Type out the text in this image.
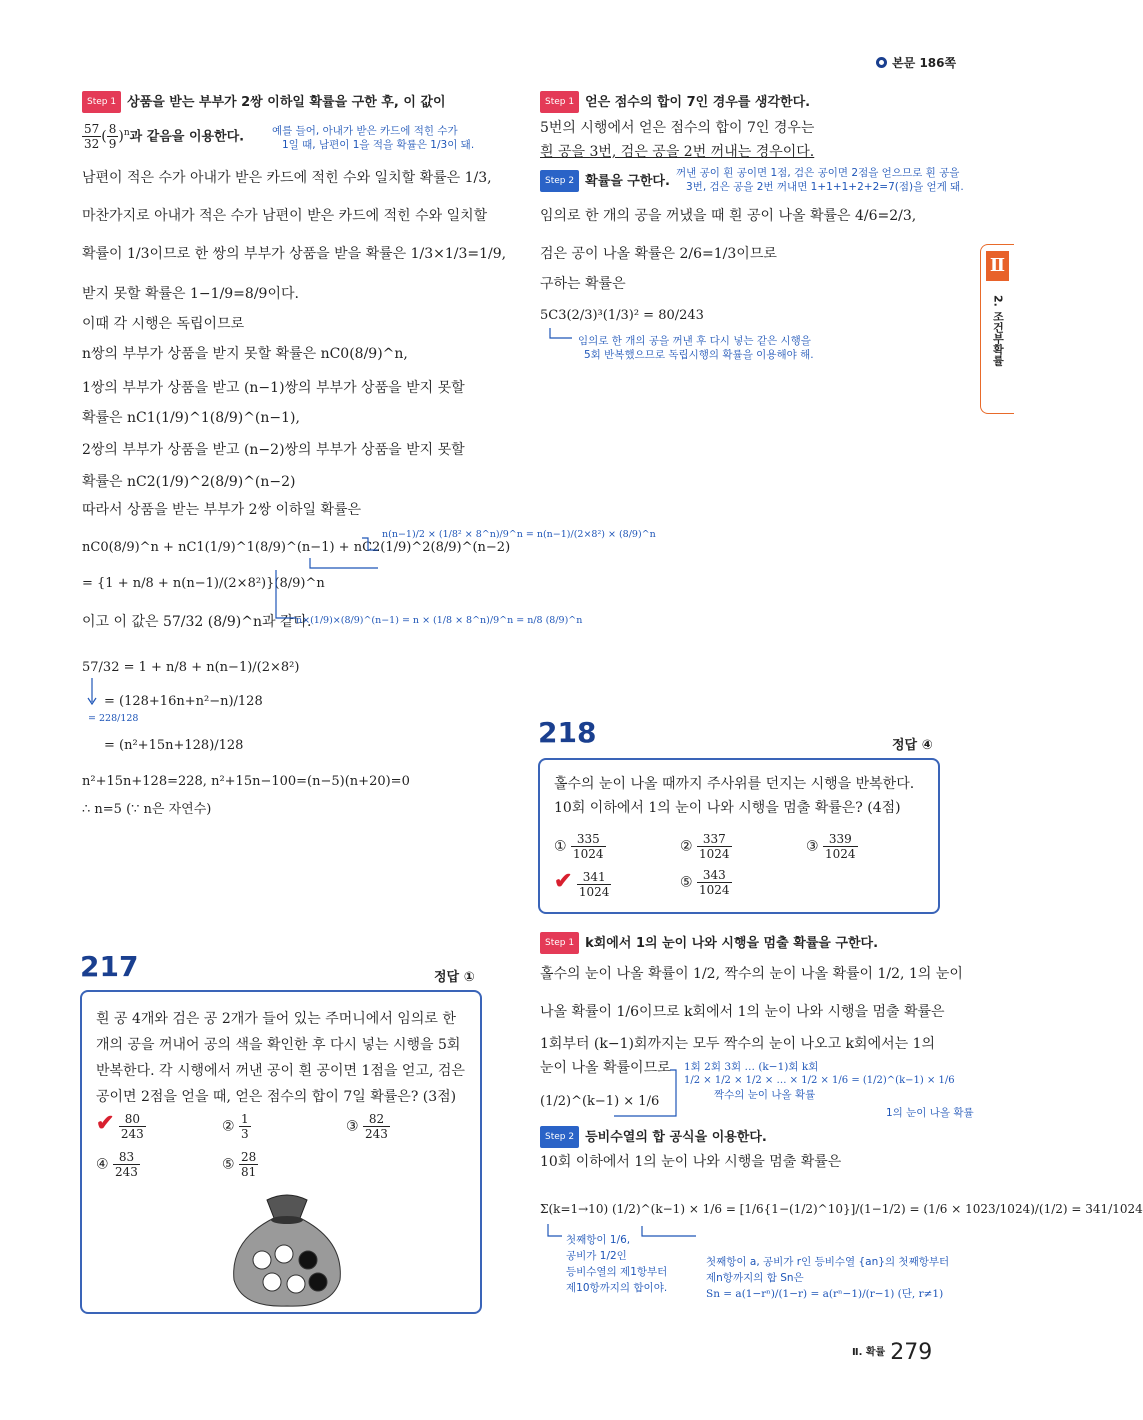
본문 186쪽
Ⅱ
2. 조건부확률
Step 1 상품을 받는 부부가 2쌍 이하일 확률을 구한 후, 이 값이
$\frac{57}{32}$ ( $\frac{8}{9} )^n$과 같음을 이용한다.	예를 들어, 아내가 받은 카드에 적힌 수가
1일 때, 남편이 1을 적을 확률은 1/3이 돼.
남편이 적은 수가 아내가 받은 카드에 적힌 수와 일치할 확률은 1/3,
마찬가지로 아내가 적은 수가 남편이 받은 카드에 적힌 수와 일치할
확률이 1/3이므로 한 쌍의 부부가 상품을 받을 확률은 1/3×1/3=1/9,
받지 못할 확률은 1−1/9=8/9이다.
이때 각 시행은 독립이므로
n쌍의 부부가 상품을 받지 못할 확률은 nC0(8/9)^n,
1쌍의 부부가 상품을 받고 (n−1)쌍의 부부가 상품을 받지 못할
확률은 nC1(1/9)^1(8/9)^(n−1),
2쌍의 부부가 상품을 받고 (n−2)쌍의 부부가 상품을 받지 못할
확률은 nC2(1/9)^2(8/9)^(n−2)
따라서 상품을 받는 부부가 2쌍 이하일 확률은
nC0(8/9)^n + nC1(1/9)^1(8/9)^(n−1) + nC2(1/9)^2(8/9)^(n−2)
= {1 + n/8 + n(n−1)/(2×8²)}(8/9)^n
이고 이 값은 57/32 (8/9)^n과 같다.
n(n−1)/2 × (1/8² × 8^n)/9^n = n(n−1)/(2×8²) × (8/9)^n
n×(1/9)×(8/9)^(n−1) = n × (1/8 × 8^n)/9^n = n/8 (8/9)^n
57/32 = 1 + n/8 + n(n−1)/(2×8²)
= (128+16n+n²−n)/128
= (n²+15n+128)/128
= 228/128
n²+15n+128=228, n²+15n−100=(n−5)(n+20)=0
∴ n=5 (∵ n은 자연수)
217	정답 ①
흰 공 4개와 검은 공 2개가 들어 있는 주머니에서 임의로 한
개의 공을 꺼내어 공의 색을 확인한 후 다시 넣는 시행을 5회
반복한다. 각 시행에서 꺼낸 공이 흰 공이면 1점을 얻고, 검은
공이면 2점을 얻을 때, 얻은 점수의 합이 7일 확률은? (3점)
✔ $\frac{80}{243}$	② $\frac{1}{3}$	③ $\frac{82}{243}$
④ $\frac{83}{243}$	⑤ $\frac{28}{81}$
Step 1 얻은 점수의 합이 7인 경우를 생각한다.
5번의 시행에서 얻은 점수의 합이 7인 경우는
흰 공을 3번, 검은 공을 2번 꺼내는 경우이다.
Step 2 확률을 구한다.
꺼낸 공이 흰 공이면 1점, 검은 공이면 2점을 얻으므로 흰 공을
3번, 검은 공을 2번 꺼내면 1+1+1+2+2=7(점)을 얻게 돼.
임의로 한 개의 공을 꺼냈을 때 흰 공이 나올 확률은 4/6=2/3,
검은 공이 나올 확률은 2/6=1/3이므로
구하는 확률은
5C3(2/3)³(1/3)² = 80/243
임의로 한 개의 공을 꺼낸 후 다시 넣는 같은 시행을
5회 반복했으므로 독립시행의 확률을 이용해야 해.
218	정답 ④
홀수의 눈이 나올 때까지 주사위를 던지는 시행을 반복한다.
10회 이하에서 1의 눈이 나와 시행을 멈출 확률은? (4점)
① $\frac{335}{1024}$	② $\frac{337}{1024}$	③ $\frac{339}{1024}$
✔ $\frac{341}{1024}$	⑤ $\frac{343}{1024}$
Step 1 k회에서 1의 눈이 나와 시행을 멈출 확률을 구한다.
홀수의 눈이 나올 확률이 1/2, 짝수의 눈이 나올 확률이 1/2, 1의 눈이
나올 확률이 1/6이므로 k회에서 1의 눈이 나와 시행을 멈출 확률은
1회부터 (k−1)회까지는 모두 짝수의 눈이 나오고 k회에서는 1의
눈이 나올 확률이므로
(1/2)^(k−1) × 1/6
1회 2회 3회 … (k−1)회 k회
1/2 × 1/2 × 1/2 × … × 1/2 × 1/6 = (1/2)^(k−1) × 1/6
짝수의 눈이 나올 확률
1의 눈이 나올 확률
Step 2 등비수열의 합 공식을 이용한다.
10회 이하에서 1의 눈이 나와 시행을 멈출 확률은
Σ(k=1→10) (1/2)^(k−1) × 1/6 = [1/6{1−(1/2)^10}]/(1−1/2) = (1/6 × 1023/1024)/(1/2) = 341/1024
첫째항이 1/6,
공비가 1/2인
등비수열의 제1항부터
제10항까지의 합이야.
첫째항이 a, 공비가 r인 등비수열 {an}의 첫째항부터
제n항까지의 합 Sn은
Sn = a(1−rⁿ)/(1−r) = a(rⁿ−1)/(r−1) (단, r≠1)
$^{Ⅱ. 확률}$ 279
